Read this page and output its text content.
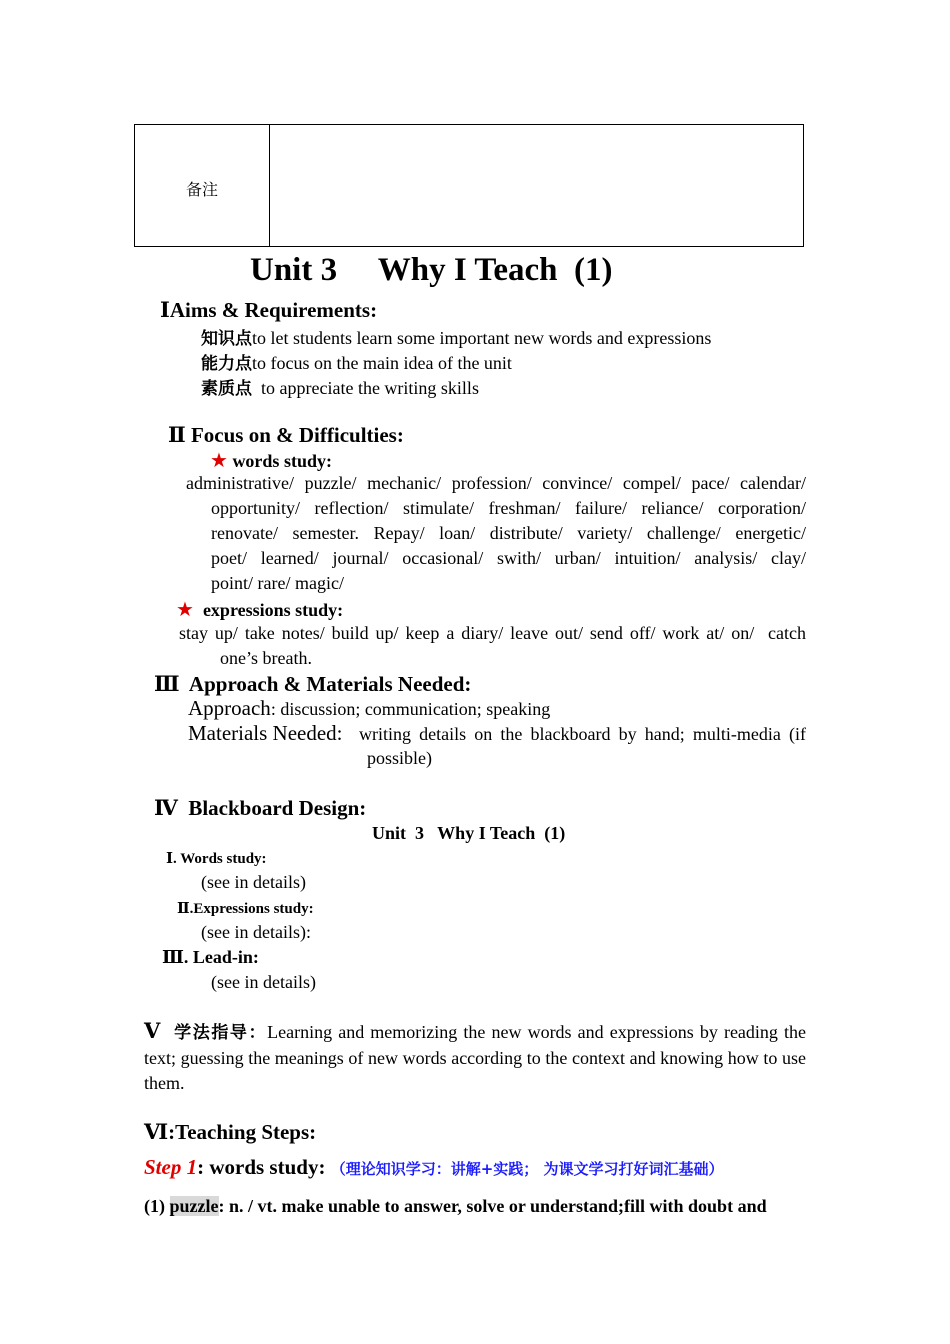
备注
Unit 3     Why I Teach  (1)
ⅠAims & Requirements:
知识点to let students learn some important new words and expressions
能力点to focus on the main idea of the unit
素质点 to appreciate the writing skills
Ⅱ Focus on & Difficulties:
★ words study:
administrative/ puzzle/ mechanic/ profession/ convince/ compel/ pace/ calendar/
opportunity/ reflection/ stimulate/ freshman/ failure/ reliance/ corporation/
renovate/ semester. Repay/ loan/ distribute/ variety/ challenge/ energetic/
poet/ learned/ journal/ occasional/ swith/ urban/ intuition/ analysis/ clay/
point/ rare/ magic/
★ expressions study:
stay up/ take notes/ build up/ keep a diary/ leave out/ send off/ work at/ on/  catch
one’s breath.
Ⅲ Approach & Materials Needed:
Approach: discussion; communication; speaking
Materials Needed: writing details on the blackboard by hand; multi-media (if
possible)
Ⅳ Blackboard Design:
Unit  3   Why I Teach  (1)
Ⅰ. Words study:
(see in details)
Ⅱ.Expressions study:
(see in details):
Ⅲ. Lead-in:
(see in details)
Ⅴ 学法指导：Learning and memorizing the new words and expressions by reading the text; guessing the meanings of new words according to the context and knowing how to use them.
Ⅵ:Teaching Steps:
Step 1: words study: （理论知识学习：讲解+实践； 为课文学习打好词汇基础）
(1) puzzle: n. / vt. make unable to answer, solve or understand;fill with doubt and
